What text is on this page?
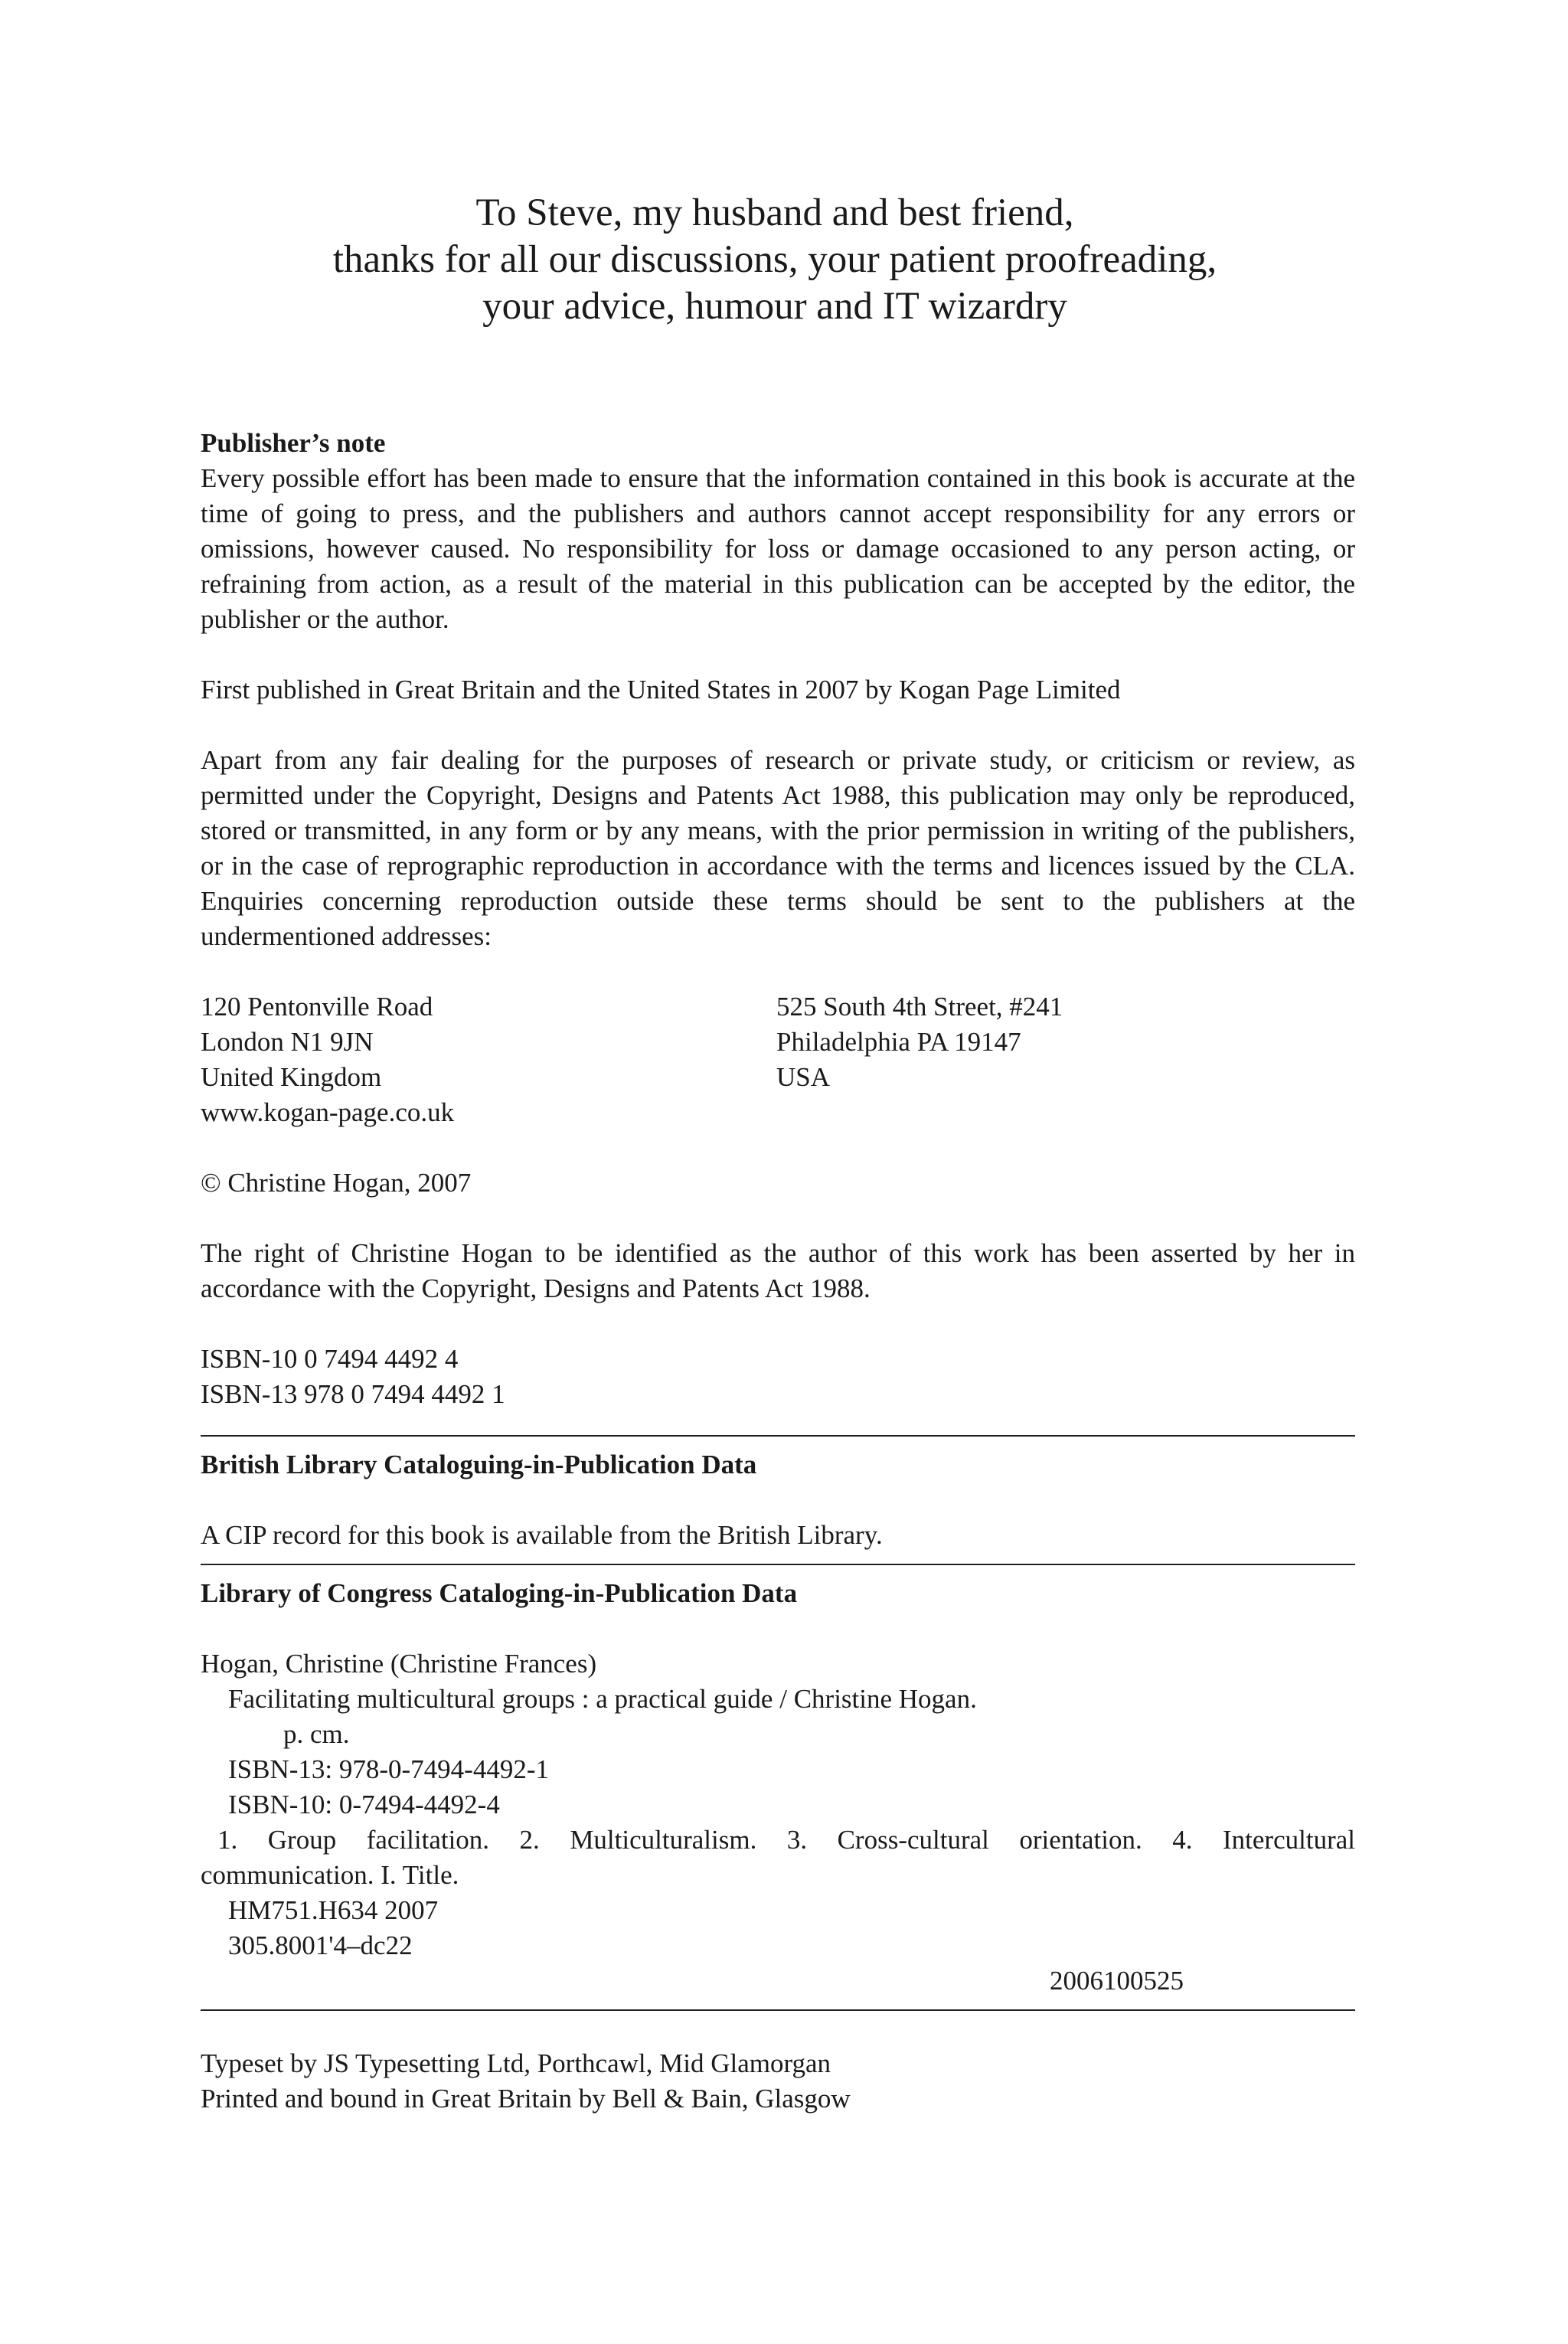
To Steve, my husband and best friend,
thanks for all our discussions, your patient proofreading,
your advice, humour and IT wizardry

Publisher’s note

Every possible effort has been made to ensure that the information contained in this book is accurate at the time of going to press, and the publishers and authors cannot accept responsibility for any errors or omissions, however caused. No responsibility for loss or damage occasioned to any person acting, or refraining from action, as a result of the material in this publication can be accepted by the editor, the publisher or the author.

First published in Great Britain and the United States in 2007 by Kogan Page Limited

Apart from any fair dealing for the purposes of research or private study, or criticism or review, as permitted under the Copyright, Designs and Patents Act 1988, this publication may only be reproduced, stored or transmitted, in any form or by any means, with the prior permission in writing of the publishers, or in the case of reprographic reproduction in accordance with the terms and licences issued by the CLA. Enquiries concerning reproduction outside these terms should be sent to the publishers at the undermentioned addresses:

120 Pentonville Road
London N1 9JN
United Kingdom
www.kogan-page.co.uk
525 South 4th Street, #241
Philadelphia PA 19147
USA

© Christine Hogan, 2007

The right of Christine Hogan to be identified as the author of this work has been asserted by her in accordance with the Copyright, Designs and Patents Act 1988.

ISBN-10 0 7494 4492 4

ISBN-13 978 0 7494 4492 1

British Library Cataloguing-in-Publication Data

A CIP record for this book is available from the British Library.

Library of Congress Cataloging-in-Publication Data

Hogan, Christine (Christine Frances)

Facilitating multicultural groups : a practical guide / Christine Hogan.

p. cm.

ISBN-13: 978-0-7494-4492-1

ISBN-10: 0-7494-4492-4

1. Group facilitation. 2. Multiculturalism. 3. Cross-cultural orientation. 4. Intercultural

communication. I. Title.

HM751.H634 2007

305.8001'4–dc22

2006100525

Typeset by JS Typesetting Ltd, Porthcawl, Mid Glamorgan

Printed and bound in Great Britain by Bell & Bain, Glasgow
